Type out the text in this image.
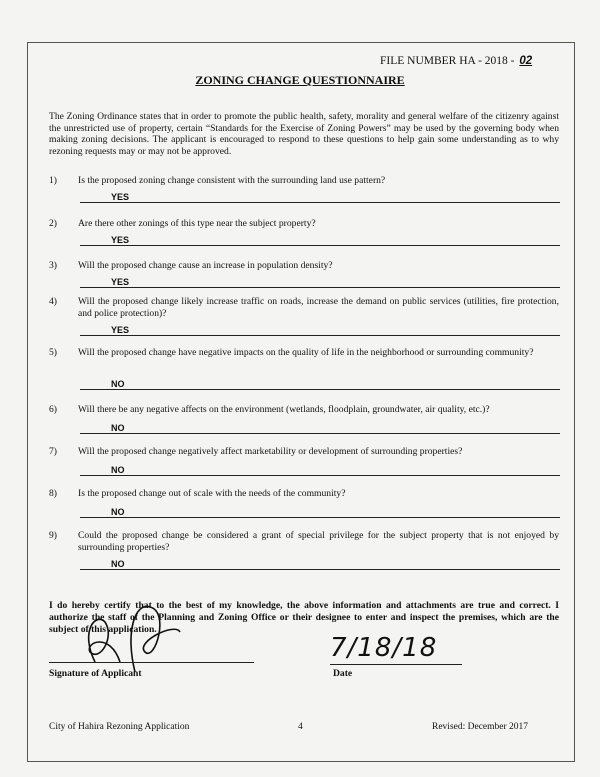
FILE NUMBER HA - 2018 - 02
ZONING CHANGE QUESTIONNAIRE
The Zoning Ordinance states that in order to promote the public health, safety, morality and general welfare of the citizenry against the unrestricted use of property, certain “Standards for the Exercise of Zoning Powers” may be used by the governing body when making zoning decisions. The applicant is encouraged to respond to these questions to help gain some understanding as to why rezoning requests may or may not be approved.
1) Is the proposed zoning change consistent with the surrounding land use pattern?
YES
2) Are there other zonings of this type near the subject property?
YES
3) Will the proposed change cause an increase in population density?
YES
4) Will the proposed change likely increase traffic on roads, increase the demand on public services (utilities, fire protection, and police protection)?
YES
5) Will the proposed change have negative impacts on the quality of life in the neighborhood or surrounding community?
NO
6) Will there be any negative affects on the environment (wetlands, floodplain, groundwater, air quality, etc.)?
NO
7) Will the proposed change negatively affect marketability or development of surrounding properties?
NO
8) Is the proposed change out of scale with the needs of the community?
NO
9) Could the proposed change be considered a grant of special privilege for the subject property that is not enjoyed by surrounding properties?
NO
I do hereby certify that to the best of my knowledge, the above information and attachments are true and correct. I authorize the staff of the Planning and Zoning Office or their designee to enter and inspect the premises, which are the subject of this application.
Signature of Applicant
7/18/18
Date
City of Hahira Rezoning Application	4	Revised: December 2017
